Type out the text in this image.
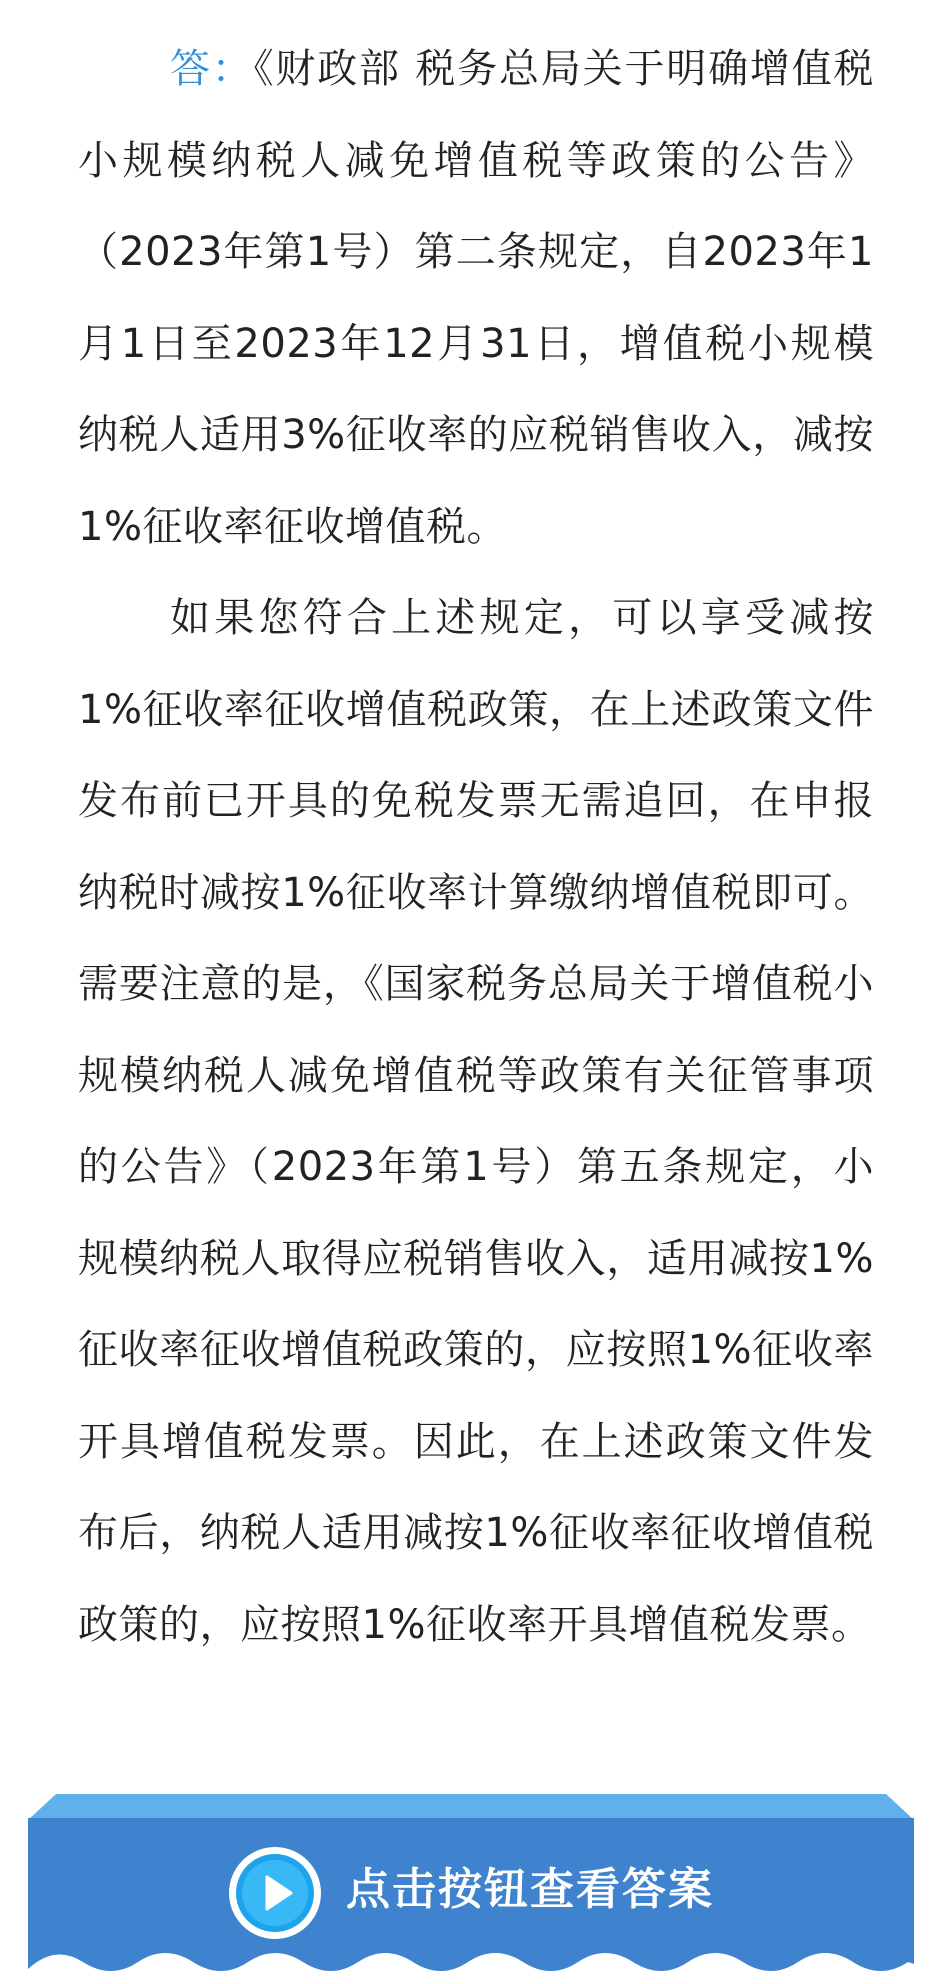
答：《财政部 税务总局关于明确增值税小规模纳税人减免增值税等政策的公告》（2023年第1号）第二条规定，自2023年1月1日至2023年12月31日，增值税小规模纳税人适用3%征收率的应税销售收入，减按1%征收率征收增值税。

如果您符合上述规定，可以享受减按1%征收率征收增值税政策，在上述政策文件发布前已开具的免税发票无需追回，在申报纳税时减按1%征收率计算缴纳增值税即可。需要注意的是，《国家税务总局关于增值税小规模纳税人减免增值税等政策有关征管事项的公告》（2023年第1号）第五条规定，小规模纳税人取得应税销售收入，适用减按1%征收率征收增值税政策的，应按照1%征收率开具增值税发票。因此，在上述政策文件发布后，纳税人适用减按1%征收率征收增值税政策的，应按照1%征收率开具增值税发票。

点击按钮查看答案
